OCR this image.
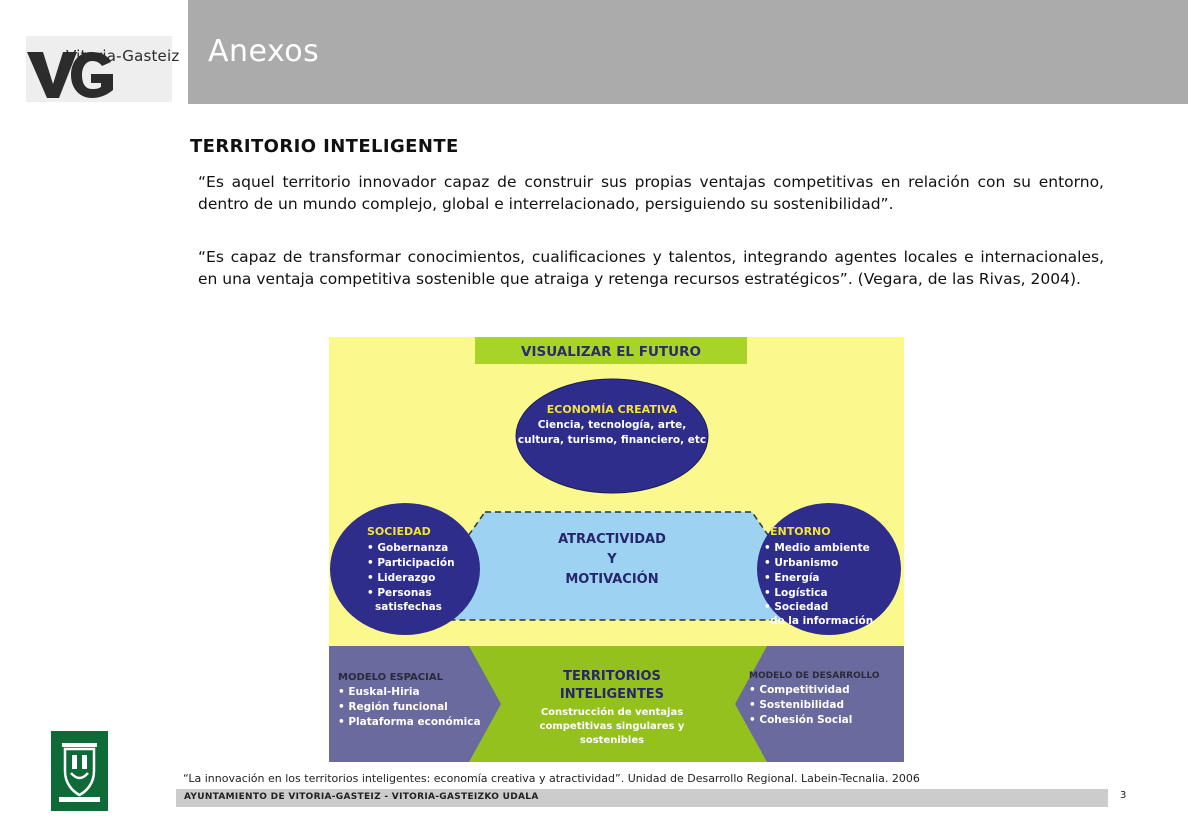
Vitoria-Gasteiz Anexos
TERRITORIO INTELIGENTE

“Es aquel territorio innovador capaz de construir sus propias ventajas competitivas en relación con su entorno, dentro de un mundo complejo, global e interrelacionado, persiguiendo su sostenibilidad”.

“Es capaz de transformar conocimientos, cualificaciones y talentos, integrando agentes locales e internacionales, en una ventaja competitiva sostenible que atraiga y retenga recursos estratégicos”. (Vegara, de las Rivas, 2004).

VISUALIZAR EL FUTURO
ECONOMÍA CREATIVA
Ciencia, tecnología, arte,
cultura, turismo, financiero, etc
ATRACTIVIDAD
Y
MOTIVACIÓN
SOCIEDAD
• Gobernanza
• Participación
• Liderazgo
• Personas
satisfechas
ENTORNO
• Medio ambiente
• Urbanismo
• Energía
• Logística
• Sociedad
de la información
MODELO ESPACIAL
• Euskal-Hiria
• Región funcional
• Plataforma económica
TERRITORIOS
INTELIGENTES
Construcción de ventajas
competitivas singulares y
sostenibles
MODELO DE DESARROLLO
• Competitividad
• Sostenibilidad
• Cohesión Social
“La innovación en los territorios inteligentes: economía creativa y atractividad”. Unidad de Desarrollo Regional. Labein-Tecnalia. 2006
AYUNTAMIENTO DE VITORIA-GASTEIZ - VITORIA-GASTEIZKO UDALA	3
